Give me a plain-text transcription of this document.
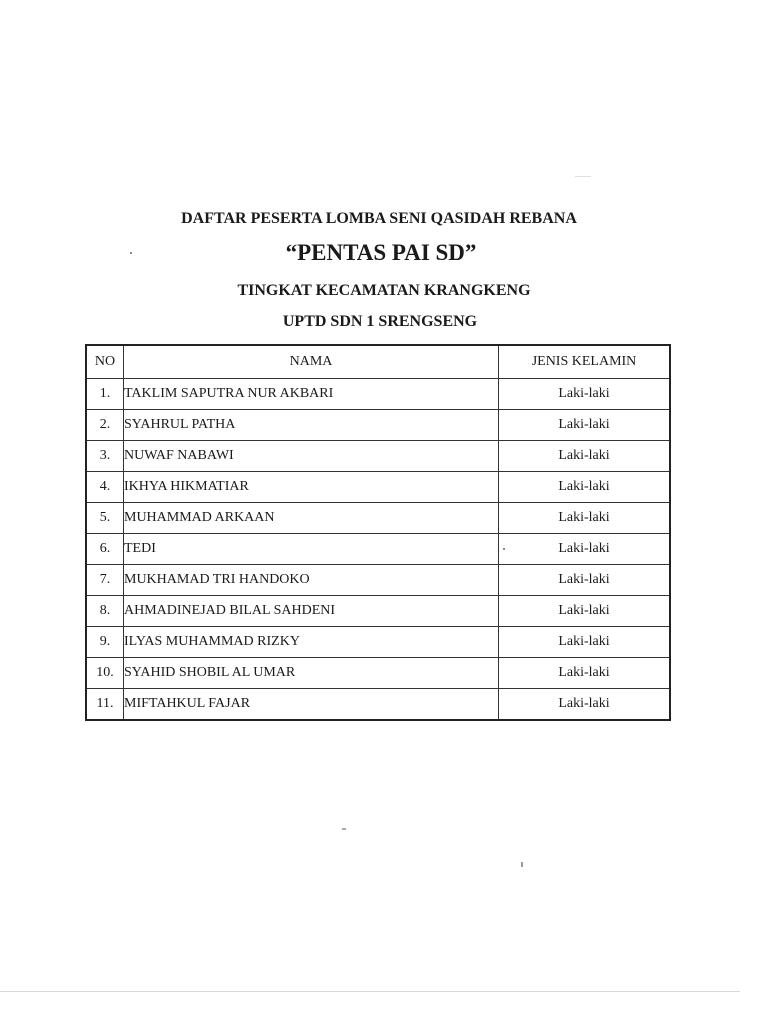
DAFTAR PESERTA LOMBA SENI QASIDAH REBANA
“PENTAS PAI SD”
TINGKAT KECAMATAN KRANGKENG
UPTD SDN 1 SRENGSENG
NO	NAMA	JENIS KELAMIN
1.	TAKLIM SAPUTRA NUR AKBARI	Laki-laki
2.	SYAHRUL PATHA	Laki-laki
3.	NUWAF NABAWI	Laki-laki
4.	IKHYA HIKMATIAR	Laki-laki
5.	MUHAMMAD ARKAAN	Laki-laki
6.	TEDI	Laki-laki
7.	MUKHAMAD TRI HANDOKO	Laki-laki
8.	AHMADINEJAD BILAL SAHDENI	Laki-laki
9.	ILYAS MUHAMMAD RIZKY	Laki-laki
10.	SYAHID SHOBIL AL UMAR	Laki-laki
11.	MIFTAHKUL FAJAR	Laki-laki
